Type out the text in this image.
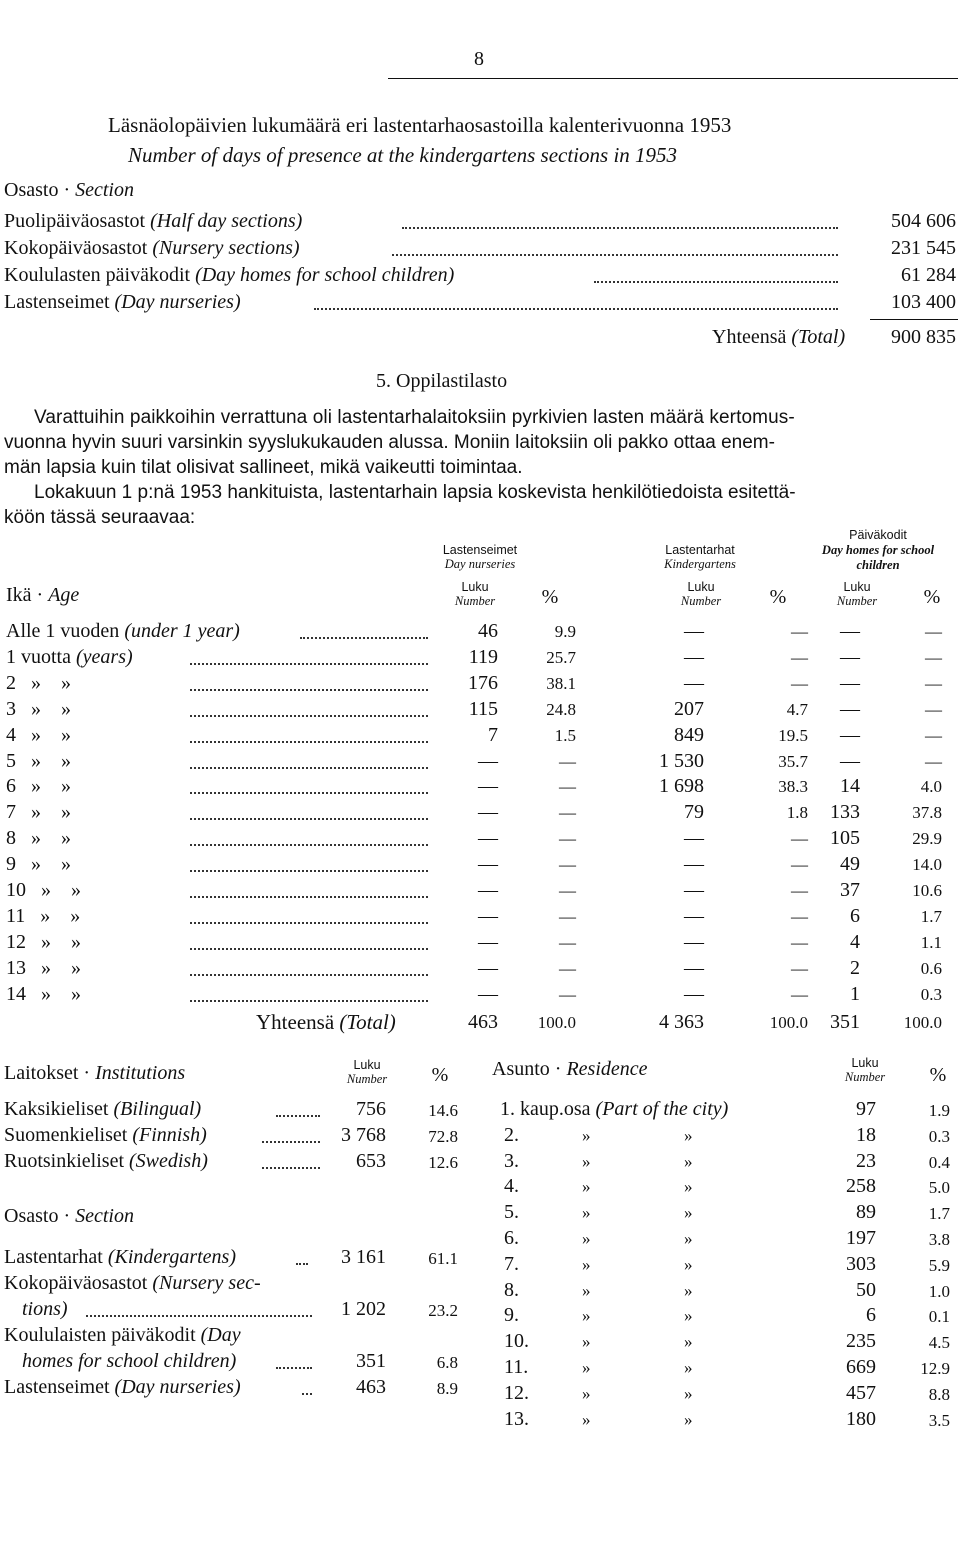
8
Läsnäolopäivien lukumäärä eri lastentarhaosastoilla kalenterivuonna 1953
Number of days of presence at the kindergartens sections in 1953
Osasto · Section
Puolipäiväosastot (Half day sections)	504 606
Kokopäiväosastot (Nursery sections)	231 545
Koululasten päiväkodit (Day homes for school children)	61 284
Lastenseimet (Day nurseries)	103 400
Yhteensä (Total)	900 835
5. Oppilastilasto
Varattuihin paikkoihin verrattuna oli lastentarhalaitoksiin pyrkivien lasten määrä kertomus-
vuonna hyvin suuri varsinkin syyslukukauden alussa. Moniin laitoksiin oli pakko ottaa enem-
män lapsia kuin tilat olisivat sallineet, mikä vaikeutti toimintaa.
Lokakuun 1 p:nä 1953 hankituista, lastentarhain lapsia koskevista henkilötiedoista esitettä-
köön tässä seuraavaa:
Lastenseimet
Day nurseries
Lastentarhat
Kindergartens
Päiväkodit
Day homes for school children
Ikä · Age	Luku
Number	%	Luku
Number	%	Luku
Number	%
Alle 1 vuoden (under 1 year)	46	9.9	—	—	—	—
1 vuotta (years)	119	25.7	—	—	—	—
2   »    »	176	38.1	—	—	—	—
3   »    »	115	24.8	207	4.7	—	—
4   »    »	7	1.5	849	19.5	—	—
5   »    »	—	—	1 530	35.7	—	—
6   »    »	—	—	1 698	38.3	14	4.0
7   »    »	—	—	79	1.8	133	37.8
8   »    »	—	—	—	—	105	29.9
9   »    »	—	—	—	—	49	14.0
10   »    »	—	—	—	—	37	10.6
11   »    »	—	—	—	—	6	1.7
12   »    »	—	—	—	—	4	1.1
13   »    »	—	—	—	—	2	0.6
14   »    »	—	—	—	—	1	0.3
Yhteensä (Total)	463	100.0	4 363	100.0	351	100.0
Laitokset · Institutions	Luku
Number	%
Kaksikieliset (Bilingual)	756	14.6
Suomenkieliset (Finnish)	3 768	72.8
Ruotsinkieliset (Swedish)	653	12.6
Osasto · Section
Lastentarhat (Kindergartens)	3 161	61.1
Kokopäiväosastot (Nursery sec-
tions)	1 202	23.2
Koululaisten päiväkodit (Day
homes for school children)	351	6.8
Lastenseimet (Day nurseries)	463	8.9
Asunto · Residence	Luku
Number	%
1. kaup.osa (Part of the city)	97	1.9
2.	»	»	18	0.3
3.	»	»	23	0.4
4.	»	»	258	5.0
5.	»	»	89	1.7
6.	»	»	197	3.8
7.	»	»	303	5.9
8.	»	»	50	1.0
9.	»	»	6	0.1
10.	»	»	235	4.5
11.	»	»	669	12.9
12.	»	»	457	8.8
13.	»	»	180	3.5
